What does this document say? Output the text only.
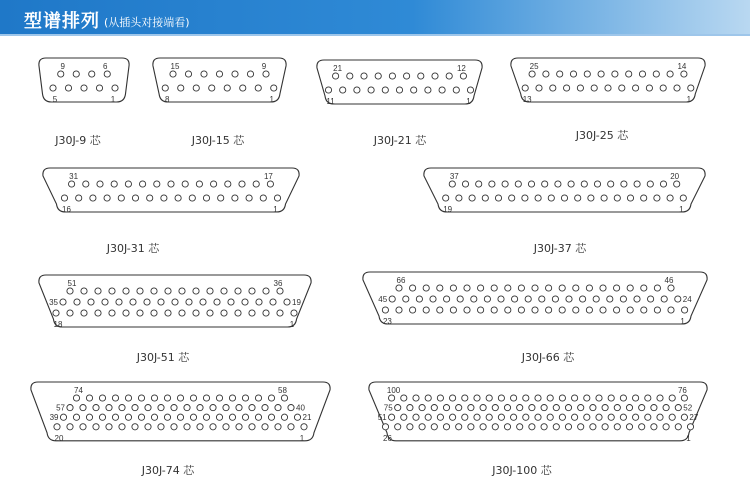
型谱排列 (从插头对接端看)
9	6
5	1
15	9
8	1
21	12
11	1
25	14
13	1
31	17
16	1
37	20
19	1
51	36
35	19
18	1
66	46
45	24
23	1
74	58
57	40
39	21
20	1
100	76
75	52
51	27
26	1
J30J-9 芯	J30J-15 芯	J30J-21 芯	J30J-25 芯
J30J-31 芯	J30J-37 芯
J30J-51 芯	J30J-66 芯
J30J-74 芯	J30J-100 芯
